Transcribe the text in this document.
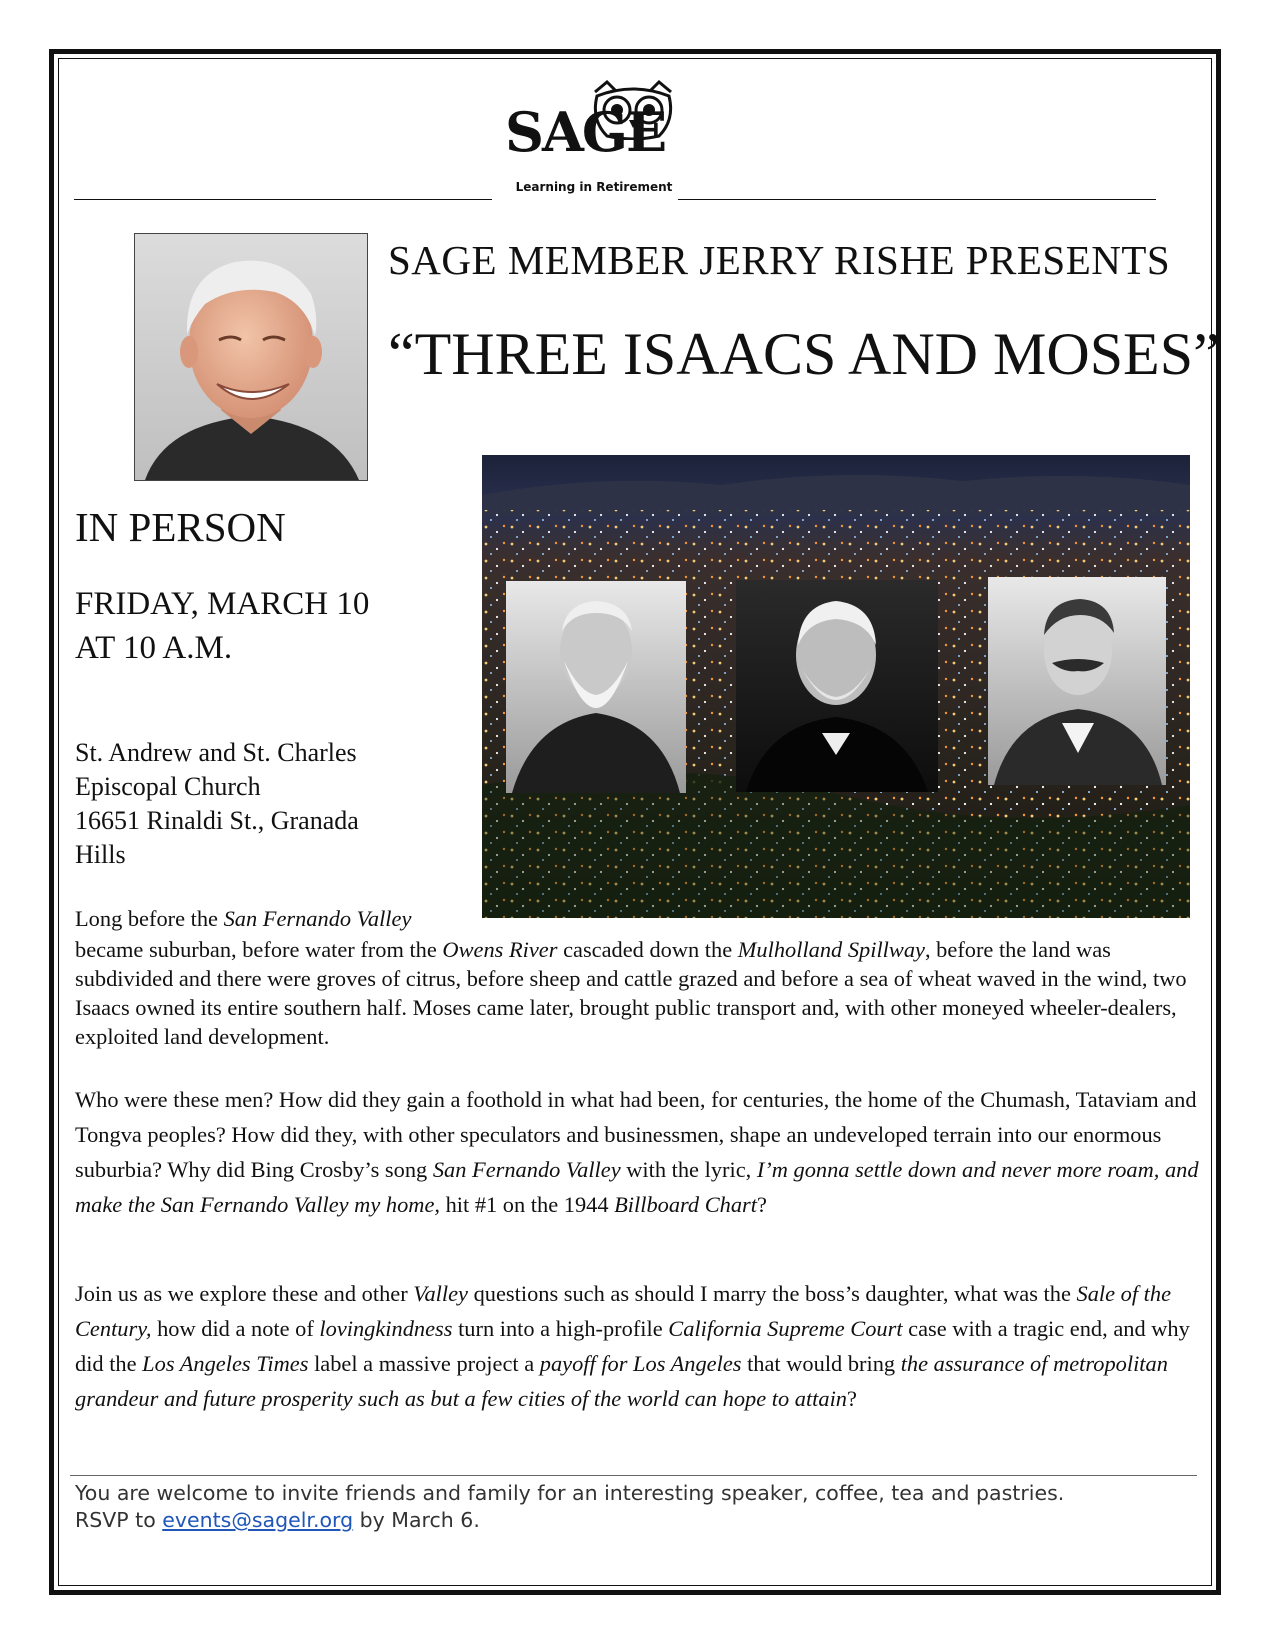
SAGE
Learning in Retirement
SAGE MEMBER JERRY RISHE PRESENTS
“THREE ISAACS AND MOSES”
IN PERSON
FRIDAY, MARCH 10
AT 10 A.M.
St. Andrew and St. Charles
Episcopal Church
16651 Rinaldi St., Granada
Hills
Long before the San Fernando Valley
became suburban, before water from the Owens River cascaded down the Mulholland Spillway, before the land was subdivided and there were groves of citrus, before sheep and cattle grazed and before a sea of wheat waved in the wind, two Isaacs owned its entire southern half. Moses came later, brought public transport and, with other moneyed wheeler-dealers, exploited land development.
Who were these men? How did they gain a foothold in what had been, for centuries, the home of the Chumash, Tataviam and Tongva peoples? How did they, with other speculators and businessmen, shape an undeveloped terrain into our enormous suburbia? Why did Bing Crosby’s song San Fernando Valley with the lyric, I’m gonna settle down and never more roam, and make the San Fernando Valley my home, hit #1 on the 1944 Billboard Chart?
Join us as we explore these and other Valley questions such as should I marry the boss’s daughter, what was the Sale of the Century, how did a note of lovingkindness turn into a high-profile California Supreme Court case with a tragic end, and why did the Los Angeles Times label a massive project a payoff for Los Angeles that would bring the assurance of metropolitan grandeur and future prosperity such as but a few cities of the world can hope to attain?
You are welcome to invite friends and family for an interesting speaker, coffee, tea and pastries.
RSVP to events@sagelr.org by March 6.
